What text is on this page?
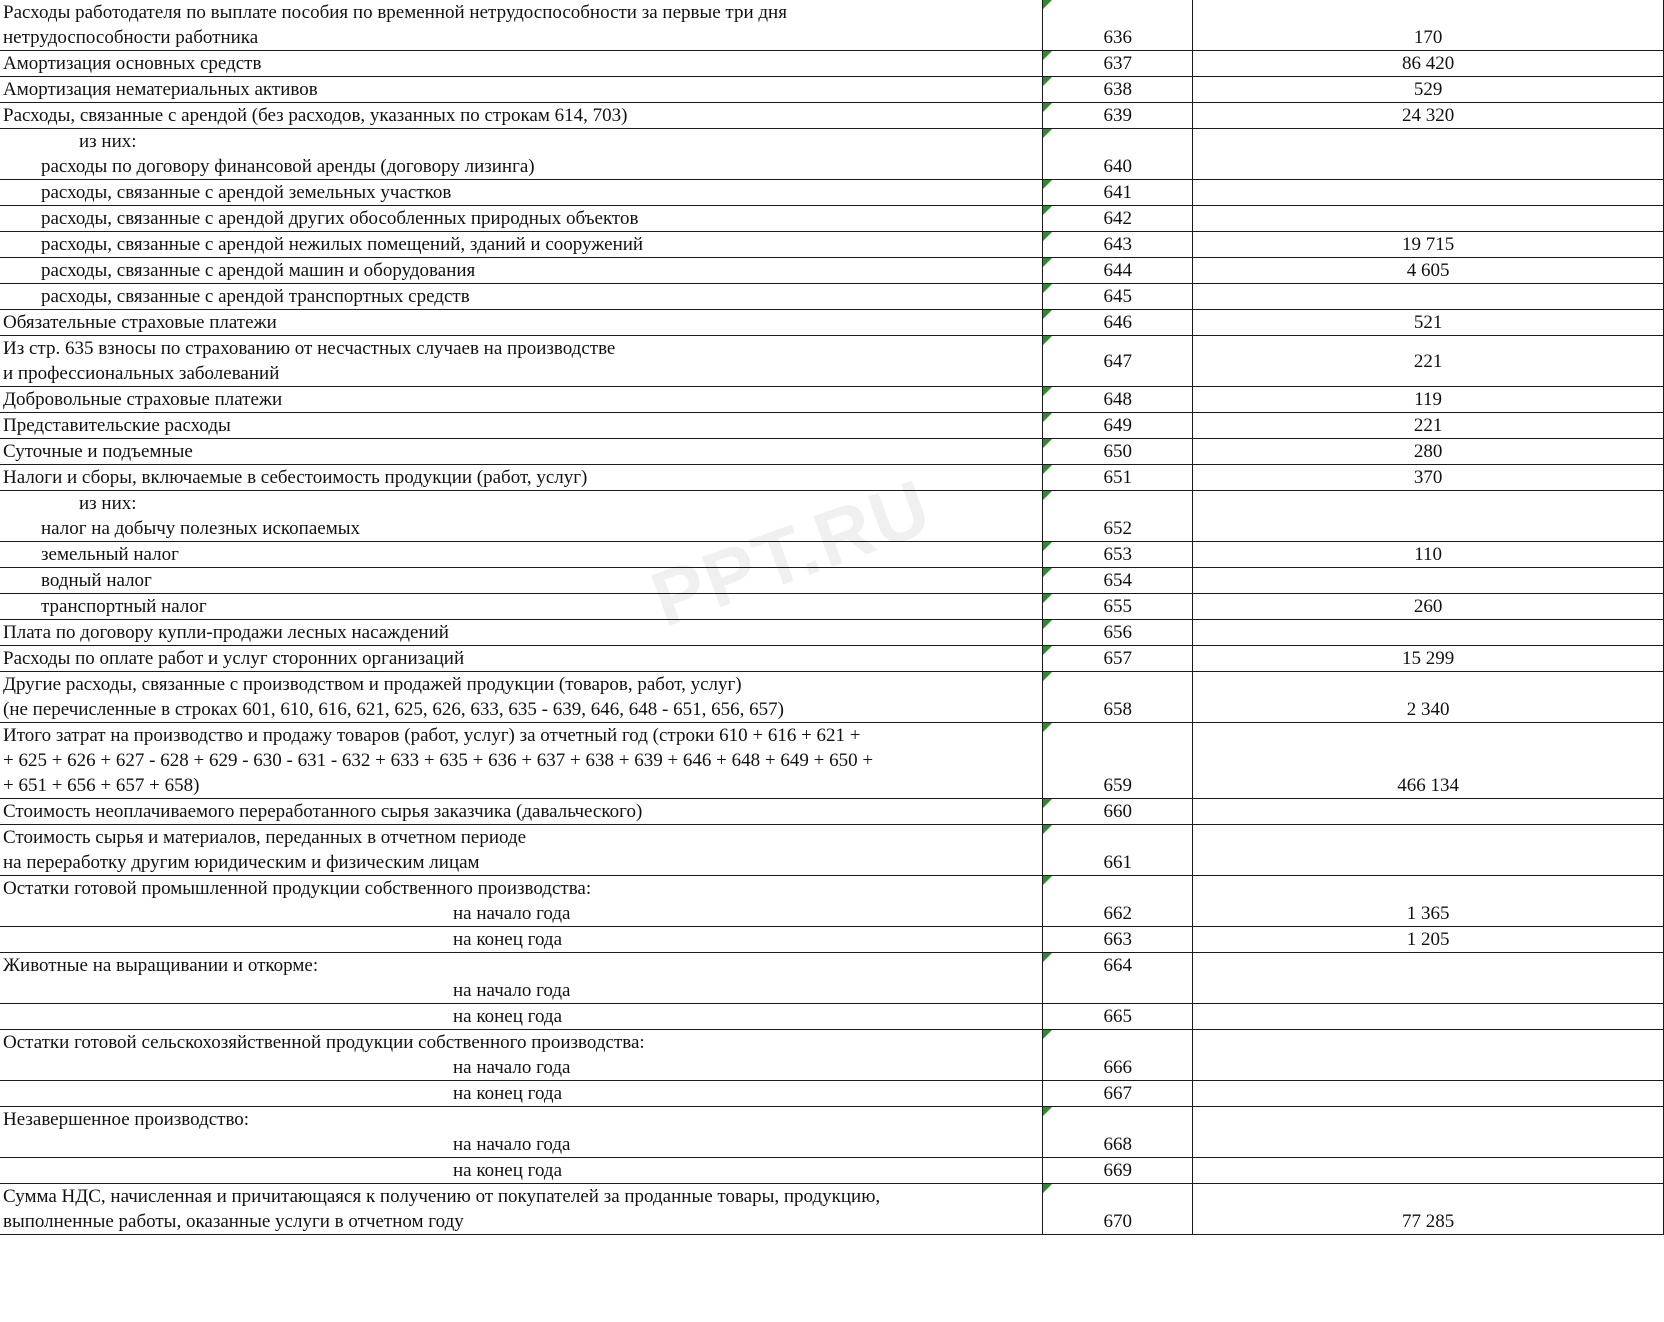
Расходы работодателя по выплате пособия по временной нетрудоспособности за первые три дня
нетрудоспособности работника	636	170

Амортизация основных средств	637	86 420

Амортизация нематериальных активов	638	529

Расходы, связанные с арендой (без расходов, указанных по строкам 614, 703)	639	24 320

из них:
расходы по договору финансовой аренды (договору лизинга)	640	

расходы, связанные с арендой земельных участков	641	

расходы, связанные с арендой других обособленных природных объектов	642	

расходы, связанные с арендой нежилых помещений, зданий и сооружений	643	19 715

расходы, связанные с арендой машин и оборудования	644	4 605

расходы, связанные с арендой транспортных средств	645	

Обязательные страховые платежи	646	521

Из стр. 635 взносы по страхованию от несчастных случаев на производстве
и профессиональных заболеваний	647	221

Добровольные страховые платежи	648	119

Представительские расходы	649	221

Суточные и подъемные	650	280

Налоги и сборы, включаемые в себестоимость продукции (работ, услуг)	651	370

из них:
налог на добычу полезных ископаемых	652	

земельный налог	653	110

водный налог	654	

транспортный налог	655	260

Плата по договору купли-продажи лесных насаждений	656	

Расходы по оплате работ и услуг сторонних организаций	657	15 299

Другие расходы, связанные с производством и продажей продукции (товаров, работ, услуг)
(не перечисленные в строках 601, 610, 616, 621, 625, 626, 633, 635 - 639, 646, 648 - 651, 656, 657)	658	2 340

Итого затрат на производство и продажу товаров (работ, услуг) за отчетный год (строки 610 + 616 + 621 +
+ 625 + 626 + 627 - 628 + 629 - 630 - 631 - 632 + 633 + 635 + 636 + 637 + 638 + 639 + 646 + 648 + 649 + 650 +
+ 651 + 656 + 657 + 658)	659	466 134

Стоимость неоплачиваемого переработанного сырья заказчика (давальческого)	660	

Стоимость сырья и материалов, переданных в отчетном периоде
на переработку другим юридическим и физическим лицам	661	

Остатки готовой промышленной продукции собственного производства:		

на начало года	662	1 365

на конец года	663	1 205

Животные на выращивании и откорме:	664	

на начало года		

на конец года	665	

Остатки готовой сельскохозяйственной продукции собственного производства:		

на начало года	666	

на конец года	667	

Незавершенное производство:		

на начало года	668	

на конец года	669	

Сумма НДС, начисленная и причитающаяся к получению от покупателей за проданные товары, продукцию,
выполненные работы, оказанные услуги в отчетном году	670	77 285
PPT.RU
